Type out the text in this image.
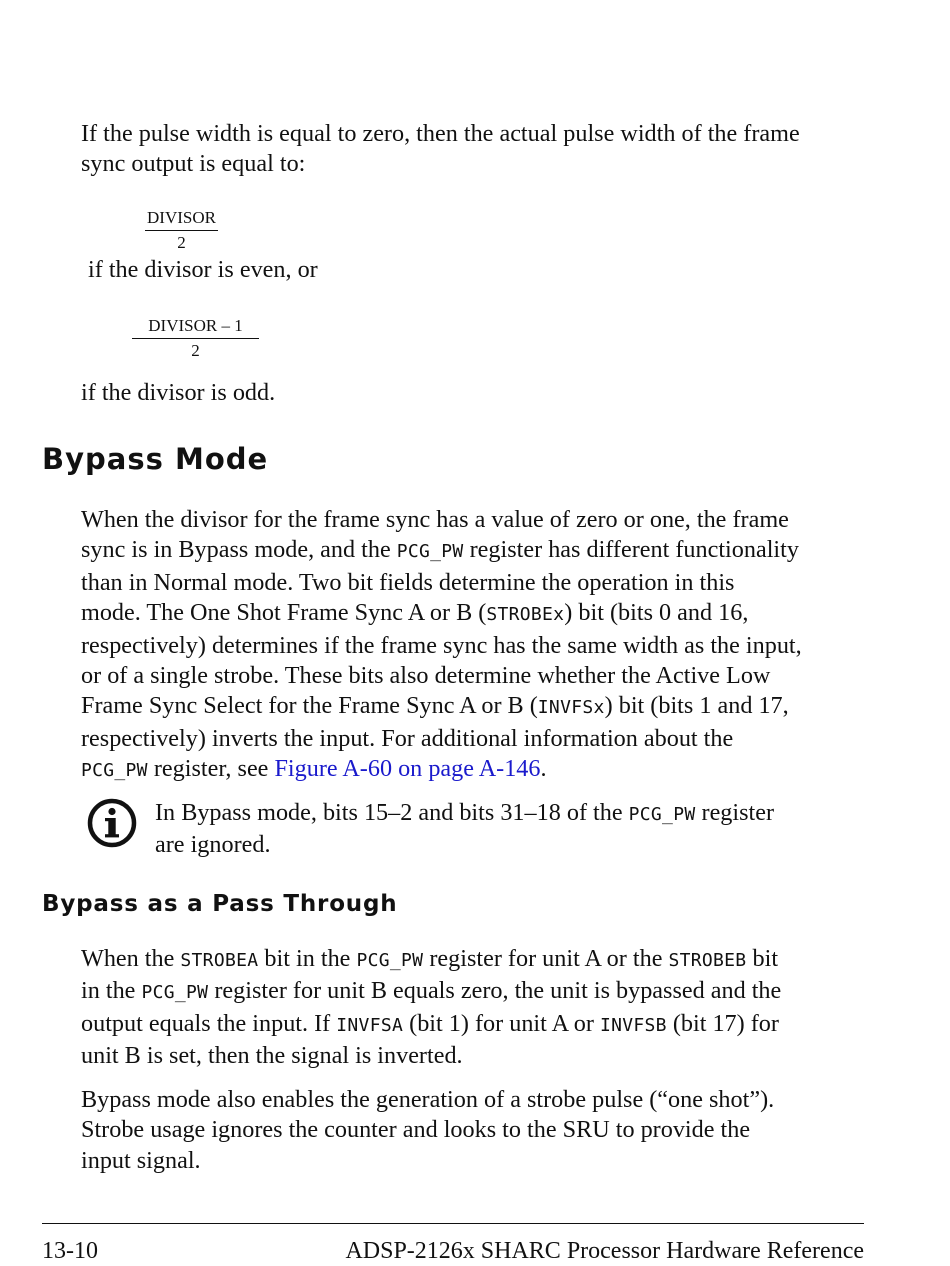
If the pulse width is equal to zero, then the actual pulse width of the frame
sync output is equal to:
DIVISOR
2
if the divisor is even, or
DIVISOR – 1
2
if the divisor is odd.
Bypass Mode
When the divisor for the frame sync has a value of zero or one, the frame
sync is in Bypass mode, and the PCG_PW register has different functionality
than in Normal mode. Two bit fields determine the operation in this
mode. The One Shot Frame Sync A or B (STROBEx) bit (bits 0 and 16,
respectively) determines if the frame sync has the same width as the input,
or of a single strobe. These bits also determine whether the Active Low
Frame Sync Select for the Frame Sync A or B (INVFSx) bit (bits 1 and 17,
respectively) inverts the input. For additional information about the
PCG_PW register, see Figure A-60 on page A-146.
In Bypass mode, bits 15–2 and bits 31–18 of the PCG_PW register
are ignored.
Bypass as a Pass Through
When the STROBEA bit in the PCG_PW register for unit A or the STROBEB bit
in the PCG_PW register for unit B equals zero, the unit is bypassed and the
output equals the input. If INVFSA (bit 1) for unit A or INVFSB (bit 17) for
unit B is set, then the signal is inverted.
Bypass mode also enables the generation of a strobe pulse (“one shot”).
Strobe usage ignores the counter and looks to the SRU to provide the
input signal.
13-10	ADSP-2126x SHARC Processor Hardware Reference
